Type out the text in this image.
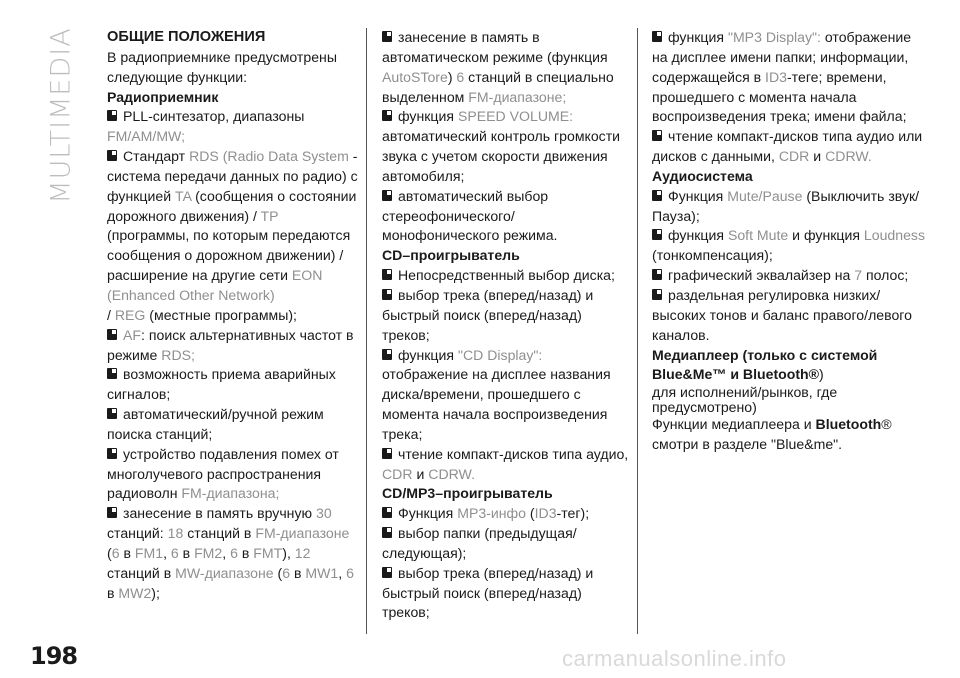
MULTIMEDIA ОБЩИЕ ПОЛОЖЕНИЯ

В радиоприемнике предусмотрены следующие функции:

Радиоприемник

PLL-синтезатор, диапазоны FM/AM/MW;

Стандарт RDS (Radio Data System - система передачи данных по радио) с функцией TA (сообщения о состоянии дорожного движения) / TP (программы, по которым передаются сообщения о дорожном движении) / расширение на другие сети EON (Enhanced Other Network)
/ REG (местные программы);

AF: поиск альтернативных частот в режиме RDS;

возможность приема аварийных сигналов;

автоматический/ручной режим поиска станций;

устройство подавления помех от многолучевого распространения радиоволн FM-диапазона;

занесение в память вручную 30 станций: 18 станций в FM-диапазоне (6 в FM1, 6 в FM2, 6 в FMT), 12 станций в MW-диапазоне (6 в MW1, 6 в MW2);

занесение в память в автоматическом режиме (функция AutoSTore) 6 станций в специально выделенном FM-диапазоне;

функция SPEED VOLUME: автоматический контроль громкости звука с учетом скорости движения автомобиля;

автоматический выбор стереофонического/ монофонического режима.

CD–проигрыватель

Непосредственный выбор диска;

выбор трека (вперед/назад) и быстрый поиск (вперед/назад) треков;

функция "CD Display": отображение на дисплее названия диска/времени, прошедшего с момента начала воспроизведения трека;

чтение компакт-дисков типа аудио, CDR и CDRW.

CD/MP3–проигрыватель

Функция MP3-инфо (ID3-тег);

выбор папки (предыдущая/ следующая);

выбор трека (вперед/назад) и быстрый поиск (вперед/назад) треков;

функция "MP3 Display": отображение на дисплее имени папки; информации, содержащейся в ID3-теге; времени, прошедшего с момента начала воспроизведения трека; имени файла;

чтение компакт-дисков типа аудио или дисков с данными, CDR и CDRW.

Аудиосистема

Функция Mute/Pause (Выключить звук/Пауза);

функция Soft Mute и функция Loudness (тонкомпенсация);

графический эквалайзер на 7 полос;

раздельная регулировка низких/высоких тонов и баланс правого/левого каналов.

Медиаплеер (только с системой Blue&Me™ и Bluetooth®)

для исполнений/рынков, где предусмотрено)

Функции медиаплеера и Bluetooth® смотри в разделе "Blue&me".

198	carmanualsonline.info
